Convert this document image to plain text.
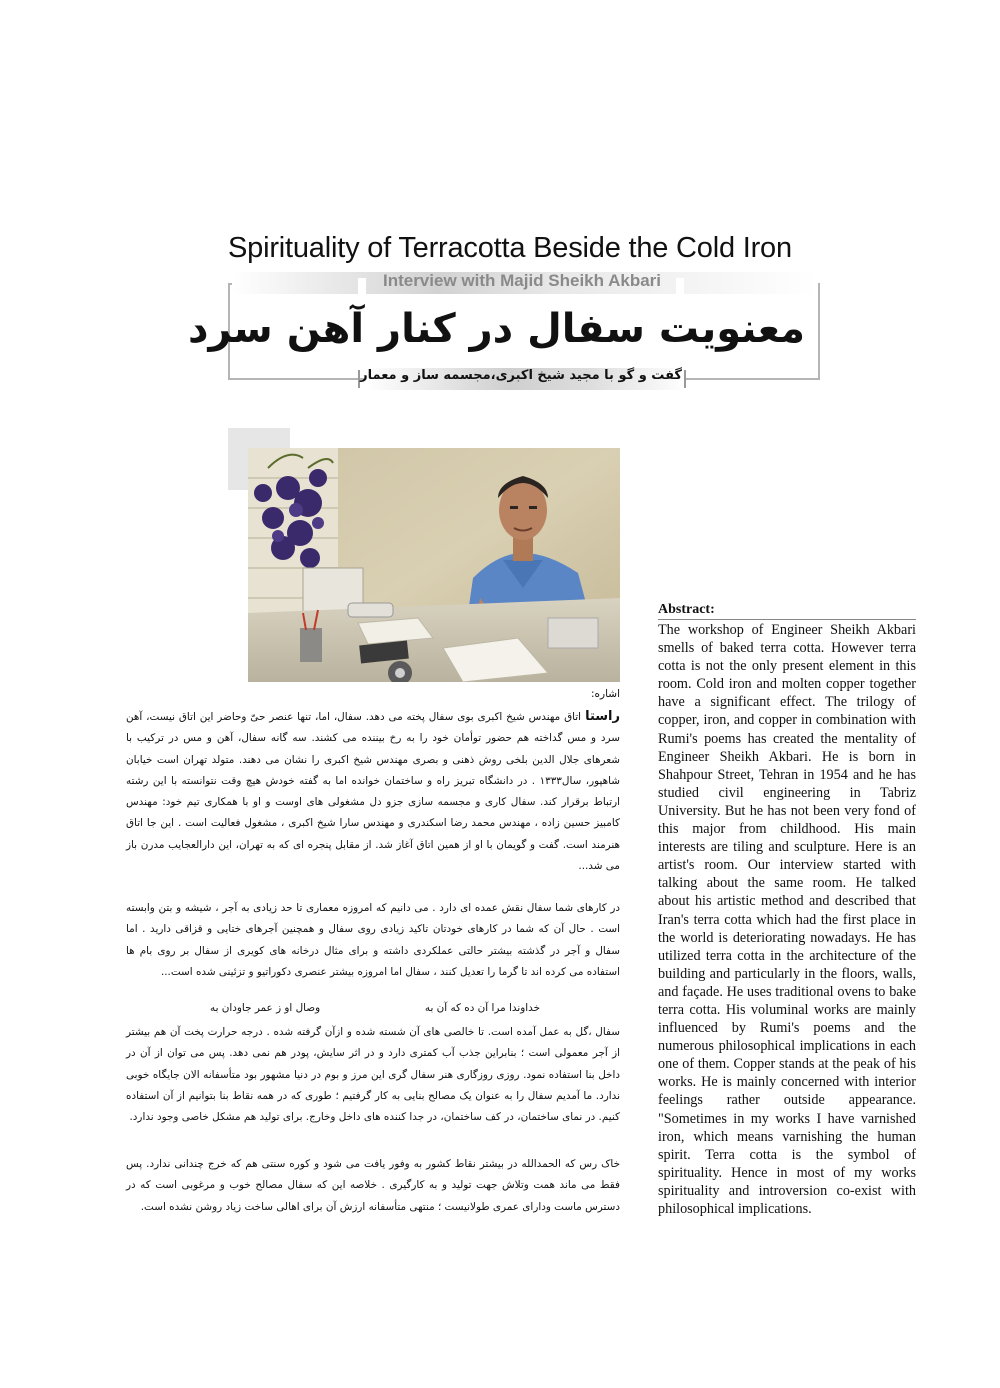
Spirituality of Terracotta Beside the Cold Iron
Interview with Majid Sheikh Akbari
معنویت سفال در کنار آهن سرد
گفت و گو با مجید شیخ اکبری،مجسمه ساز و معمار
Abstract:
The workshop of Engineer Sheikh Akbari smells of baked terra cotta. However terra cotta is not the only present element in this room. Cold iron and molten copper together have a significant effect. The trilogy of copper, iron, and copper in combination with Rumi's poems has created the mentality of Engineer Sheikh Akbari. He is born in Shahpour Street, Tehran in 1954 and he has studied civil engineering in Tabriz University. But he has not been very fond of this major from childhood. His main interests are tiling and sculpture. Here is an artist's room. Our interview started with talking about the same room. He talked about his artistic method and described that Iran's terra cotta which had the first place in the world is deteriorating nowadays. He has utilized terra cotta in the architecture of the building and particularly in the floors, walls, and façade. He uses traditional ovens to bake terra cotta. His voluminal works are mainly influenced by Rumi's poems and the numerous philosophical implications in each one of them. Copper stands at the peak of his works. He is mainly concerned with interior feelings rather outside appearance. "Sometimes in my works I have varnished iron, which means varnishing the human spirit. Terra cotta is the symbol of spirituality. Hence in most of my works spirituality and introversion co-exist with philosophical implications.
اشاره:
راستااتاق مهندس شیخ اکبری بوی سفال پخته می دهد. سفال، اما، تنها عنصر حیّ وحاضر این اتاق نیست، آهن سرد و مس گداخته هم حضور توأمان خود را به رخ بیننده می کشند. سه گانه سفال، آهن و مس در ترکیب با شعرهای جلال الدین بلخی روش ذهنی و بصری مهندس شیخ اکبری را نشان می دهند. متولد تهران است خیابان شاهپور، سال۱۳۳۳ . در دانشگاه تبریز راه و ساختمان خوانده اما به گفته خودش هیچ وقت نتوانسته با این رشته ارتباط برقرار کند. سفال کاری و مجسمه سازی جزو دل مشغولی های اوست و او با همکاری تیم خود: مهندس کامبیز حسین زاده ، مهندس محمد رضا اسکندری و مهندس سارا شیخ اکبری ، مشغول فعالیت است . این جا اتاق هنرمند است. گفت و گویمان با او از همین اتاق آغاز شد. از مقابل پنجره ای که به تهران، این دارالعجایب مدرن باز می شد...
در کارهای شما سفال نقش عمده ای دارد . می دانیم که امروزه معماری تا حد زیادی به آجر ، شیشه و بتن وابسته است . حال آن که شما در کارهای خودتان تاکید زیادی روی سفال و همچنین آجرهای ختایی و قزاقی دارید . اما سفال و آجر در گذشته بیشتر حالتی عملکردی داشته و برای مثال درخانه های کویری از سفال بر روی بام ها استفاده می کرده اند تا گرما را تعدیل کنند ، سفال اما امروزه بیشتر عنصری دکوراتیو و تزئینی شده است...
خداوندا مرا آن ده که آن به
وصال او ز عمر جاودان به
سفال ،گل به عمل آمده است. تا خالصی های آن شسته شده و ازآن گرفته شده . درجه حرارت پخت آن هم بیشتر از آجر معمولی است ؛ بنابراین جذب آب کمتری دارد و در اثر سایش، پودر هم نمی دهد. پس می توان از آن در داخل بنا استفاده نمود. روزی روزگاری هنر سفال گری این مرز و بوم در دنیا مشهور بود متأسفانه الان جایگاه خوبی ندارد. ما آمدیم سفال را به عنوان یک مصالح بنایی به کار گرفتیم ؛ طوری که در همه نقاط بنا بتوانیم از آن استفاده کنیم. در نمای ساختمان، در کف ساختمان، در جدا کننده های داخل وخارج. برای تولید هم مشکل خاصی وجود ندارد.
خاک رس که الحمدالله در بیشتر نقاط کشور به وفور یافت می شود و کوره سنتی هم که خرج چندانی ندارد. پس فقط می ماند همت وتلاش جهت تولید و به کارگیری . خلاصه این که سفال مصالح خوب و مرغوبی است که در دسترس ماست ودارای عمری طولانیست ؛ منتهی متأسفانه ارزش آن برای اهالی ساخت زیاد روشن نشده است.
